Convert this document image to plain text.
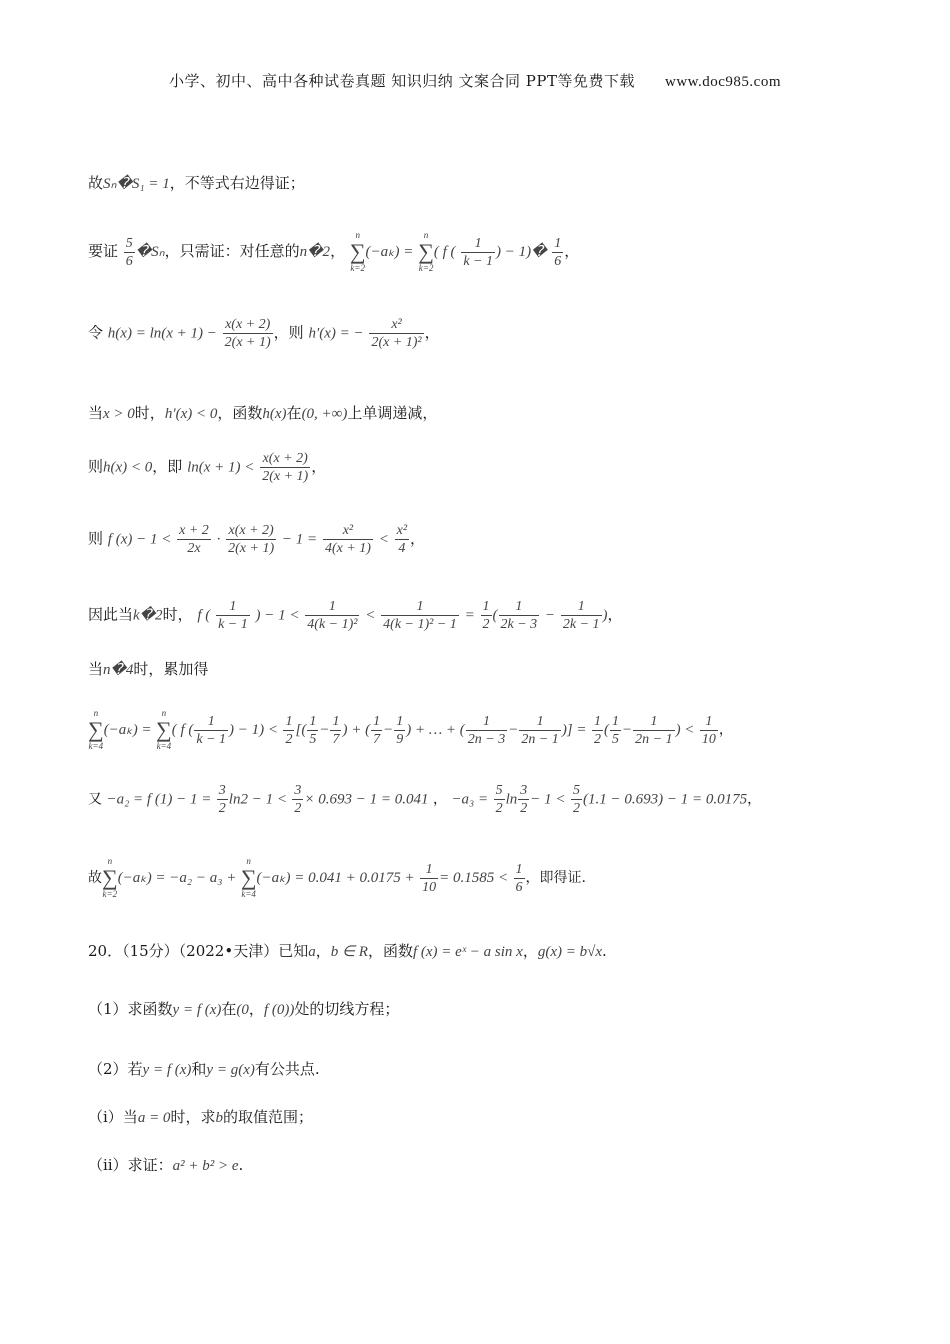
小学、初中、高中各种试卷真题 知识归纳 文案合同 PPT等免费下载 www.doc985.com
故Sₙ�S₁ = 1，不等式右边得证；
要证 $\frac{5}{6}$ �Sₙ，只需证：对任意的n�2，
n
∑
k=2
(−aₖ) =
n
∑
k=2
( f ( $\frac{1}{k - 1}$ ) − 1)� $\frac{1}{6}$ ，
令 $h(x) = \ln(x + 1) - \frac{x(x + 2)}{2(x + 1)}$ ，则 h′(x) = − $\frac{\text{x²}}{\text{2(x + 1)²}}$ ，
当x > 0时，h′(x) < 0，函数h(x)在(0, +∞)上单调递减，
则h(x) < 0，即 $\ln(x + 1) < \frac{x(x + 2)}{2(x + 1)}$ ，
则 f $(x) - 1 < \frac{x + 2}{2x} \cdot \frac{x(x + 2)}{2(x + 1)} - 1 = \frac{\text{x²}}{4(x + 1)} < \frac{\text{x²}}{4}$ ，
因此当k�2时， f ( $\frac{1}{k - 1}$ ) − $1 < \frac{1}{\text{4(k − 1)²}} < \frac{1}{\text{4(k − 1)² − 1}} = \frac{1}{2}$ ( $\frac{1}{2k - 3} - \frac{1}{2k - 1}$ )，
当n�4时，累加得
n
∑
k=4
(−aₖ) =
n
∑
k=4
( f ( $\frac{1}{k - 1}$ ) − $1) < \frac{1}{2}$ [( $\frac{1}{5} - \frac{1}{7}$ ) + ( $\frac{1}{7} - \frac{1}{9}$ ) + … + ( $\frac{1}{2n - 3} - \frac{1}{2n - 1}$ )] = $\frac{1}{2}$ ( $\frac{1}{5} - \frac{1}{2n - 1}$ ) < $\frac{1}{10}$ ，
又 −a₂ = f $(1) - 1 = \frac{3}{2} \ln 2 - 1 < \frac{3}{2} \times 0.693 - 1 = 0.041$ ， $-a_3 = \frac{5}{2}$ $\ln \frac{3}{2} - 1 < \frac{5}{2} (1.1 - 0.693) - 1 = 0.0175$，
故
n
∑
k=2
(−aₖ) = −a₂ − a₃ +
n
∑
k=4
$(-a_k) = 0.041 + 0.0175 + \frac{1}{10} = 0.1585 < \frac{1}{6}$ ，即得证.
20．（15分）（2022•天津）已知a，b ∈ R，函数f (x) = eˣ − a sin x，g(x) = b√x.
（1）求函数y = f (x)在(0，f (0))处的切线方程；
（2）若y = f (x)和y = g(x)有公共点.
（ⅰ）当a = 0时，求b的取值范围；
（ⅱ）求证：a² + b² > e.
